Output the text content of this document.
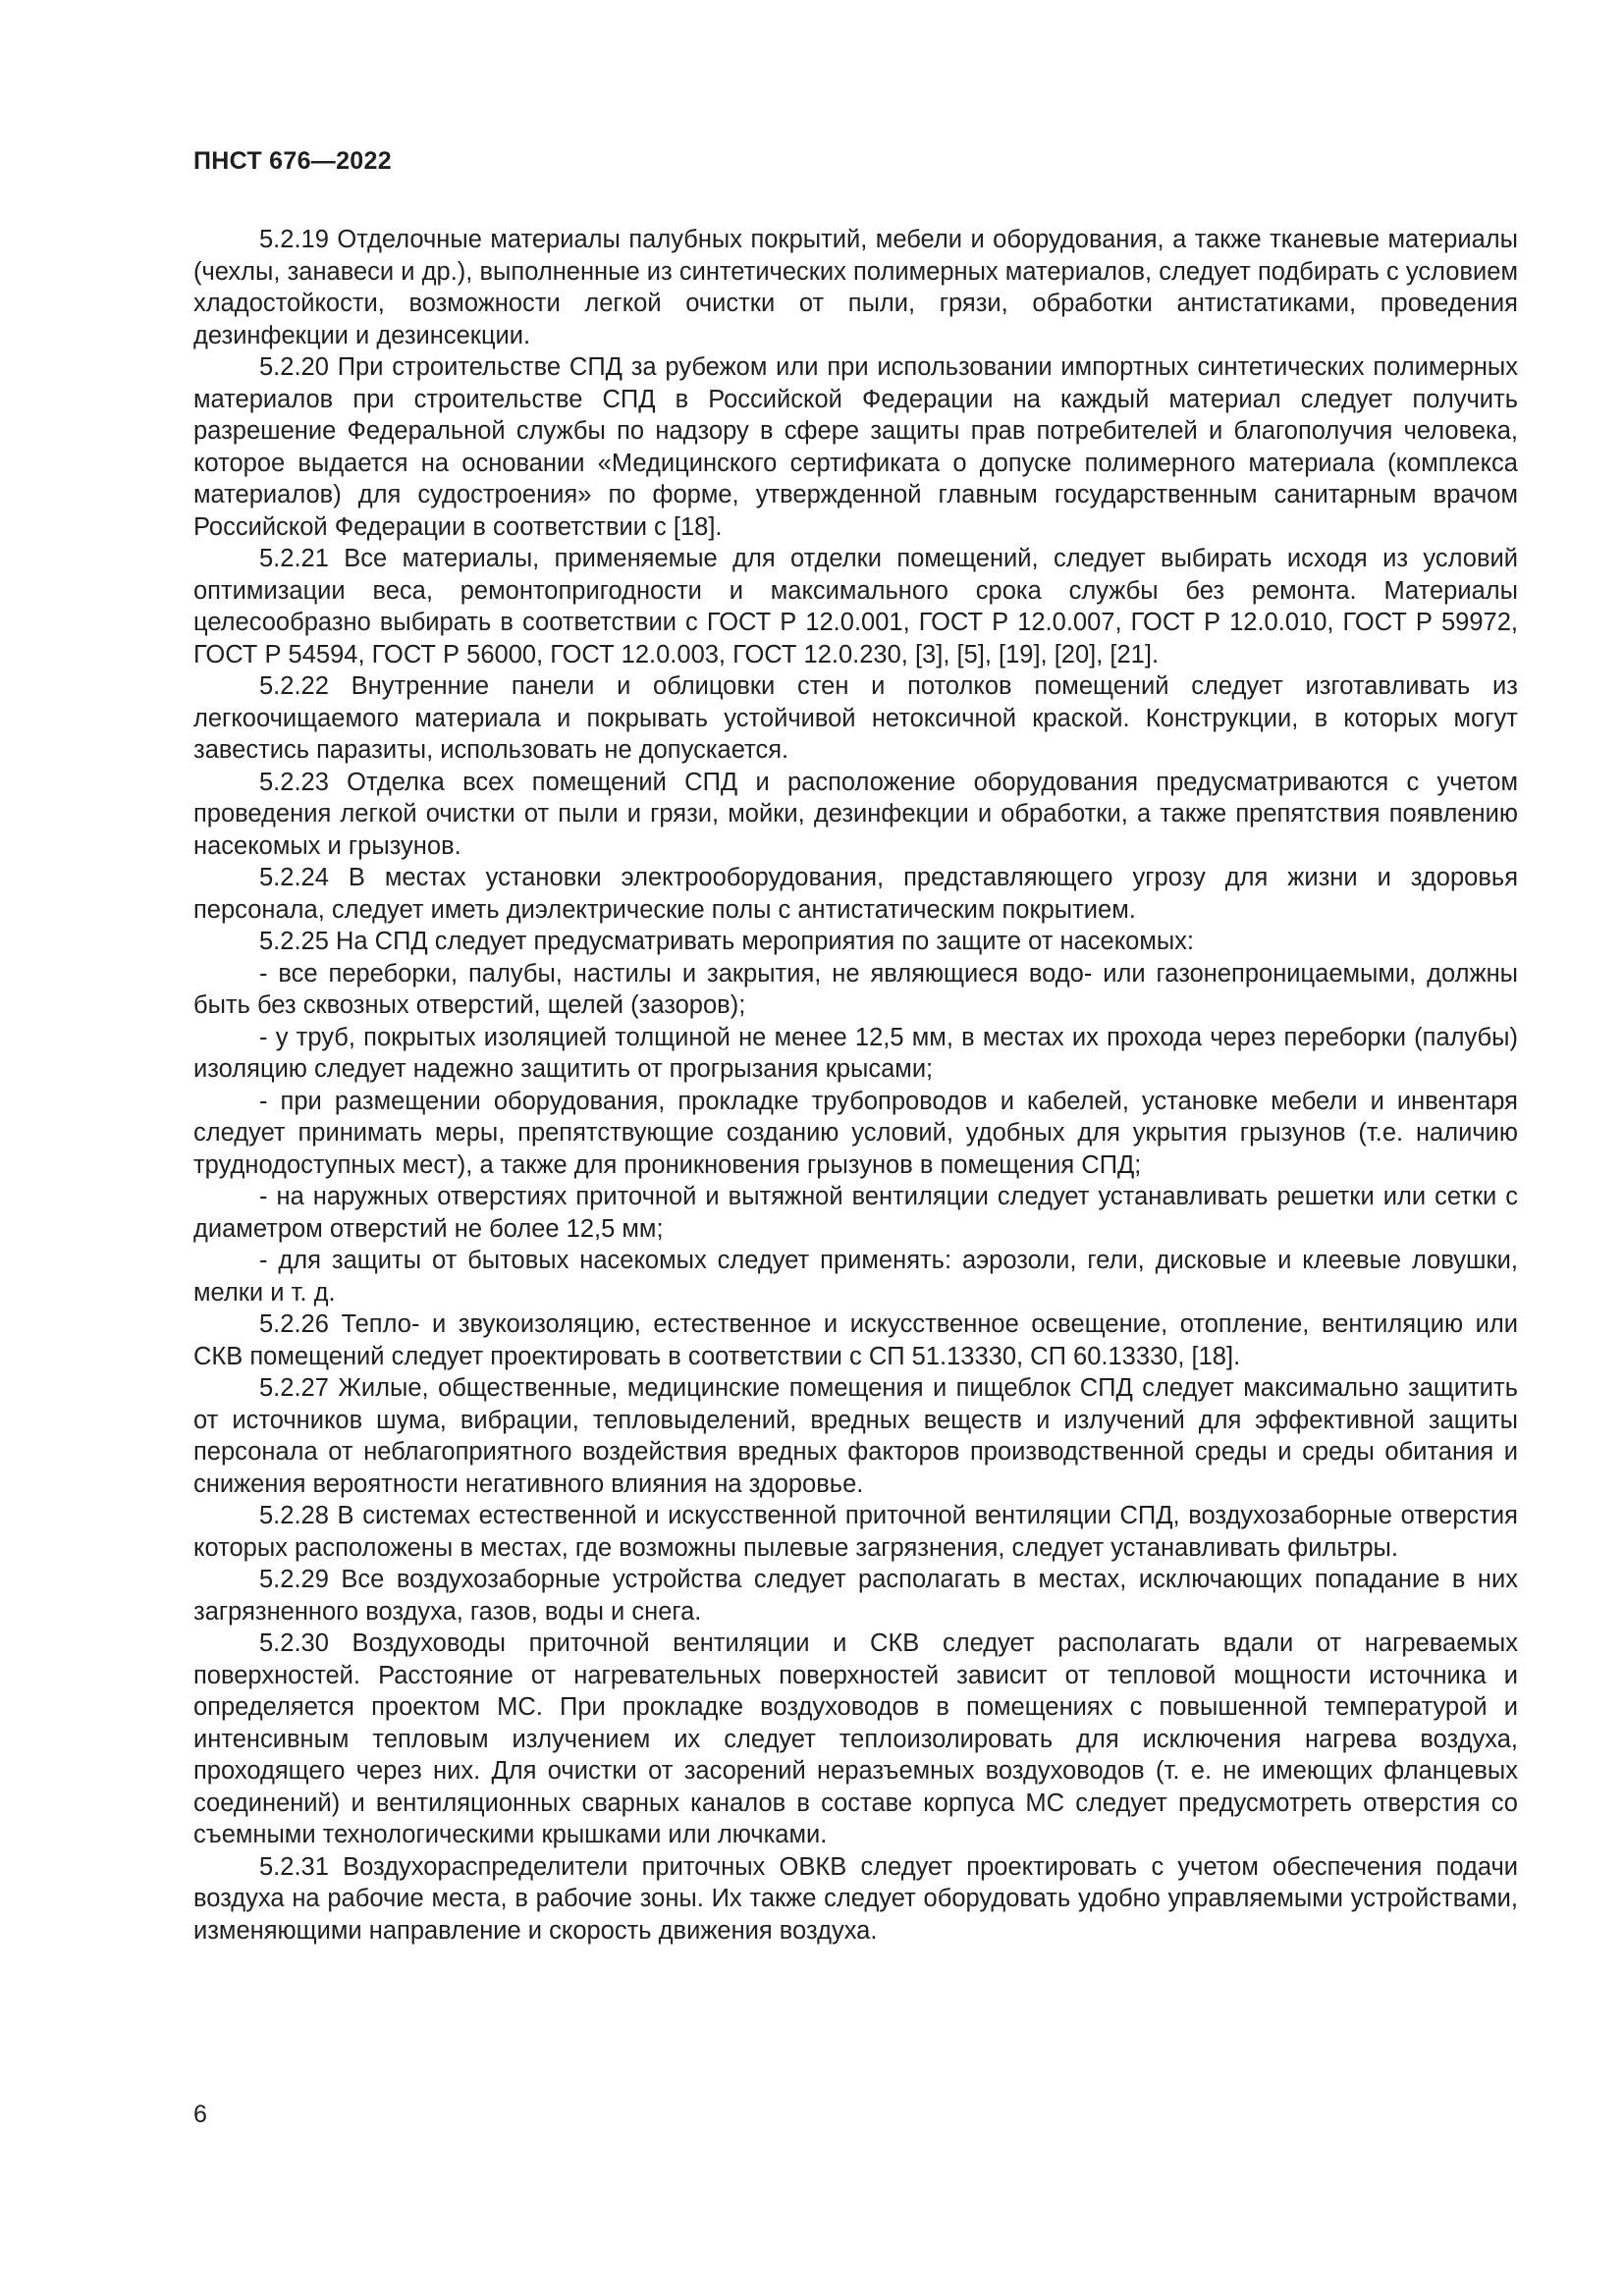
ПНСТ 676—2022

5.2.19 Отделочные материалы палубных покрытий, мебели и оборудования, а также тканевые материалы (чехлы, занавеси и др.), выполненные из синтетических полимерных материалов, следует подбирать с условием хладостойкости, возможности легкой очистки от пыли, грязи, обработки антистатиками, проведения дезинфекции и дезинсекции.

5.2.20 При строительстве СПД за рубежом или при использовании импортных синтетических полимерных материалов при строительстве СПД в Российской Федерации на каждый материал следует получить разрешение Федеральной службы по надзору в сфере защиты прав потребителей и благополучия человека, которое выдается на основании «Медицинского сертификата о допуске полимерного материала (комплекса материалов) для судостроения» по форме, утвержденной главным государственным санитарным врачом Российской Федерации в соответствии с [18].

5.2.21 Все материалы, применяемые для отделки помещений, следует выбирать исходя из условий оптимизации веса, ремонтопригодности и максимального срока службы без ремонта. Материалы целесообразно выбирать в соответствии с ГОСТ Р 12.0.001, ГОСТ Р 12.0.007, ГОСТ Р 12.0.010, ГОСТ Р 59972, ГОСТ Р 54594, ГОСТ Р 56000, ГОСТ 12.0.003, ГОСТ 12.0.230, [3], [5], [19], [20], [21].

5.2.22 Внутренние панели и облицовки стен и потолков помещений следует изготавливать из легкоочищаемого материала и покрывать устойчивой нетоксичной краской. Конструкции, в которых могут завестись паразиты, использовать не допускается.

5.2.23 Отделка всех помещений СПД и расположение оборудования предусматриваются с учетом проведения легкой очистки от пыли и грязи, мойки, дезинфекции и обработки, а также препятствия появлению насекомых и грызунов.

5.2.24 В местах установки электрооборудования, представляющего угрозу для жизни и здоровья персонала, следует иметь диэлектрические полы с антистатическим покрытием.

5.2.25 На СПД следует предусматривать мероприятия по защите от насекомых:

- все переборки, палубы, настилы и закрытия, не являющиеся водо- или газонепроницаемыми, должны быть без сквозных отверстий, щелей (зазоров);

- у труб, покрытых изоляцией толщиной не менее 12,5 мм, в местах их прохода через переборки (палубы) изоляцию следует надежно защитить от прогрызания крысами;

- при размещении оборудования, прокладке трубопроводов и кабелей, установке мебели и инвентаря следует принимать меры, препятствующие созданию условий, удобных для укрытия грызунов (т.е. наличию труднодоступных мест), а также для проникновения грызунов в помещения СПД;

- на наружных отверстиях приточной и вытяжной вентиляции следует устанавливать решетки или сетки с диаметром отверстий не более 12,5 мм;

- для защиты от бытовых насекомых следует применять: аэрозоли, гели, дисковые и клеевые ловушки, мелки и т. д.

5.2.26 Тепло- и звукоизоляцию, естественное и искусственное освещение, отопление, вентиляцию или СКВ помещений следует проектировать в соответствии с СП 51.13330, СП 60.13330, [18].

5.2.27 Жилые, общественные, медицинские помещения и пищеблок СПД следует максимально защитить от источников шума, вибрации, тепловыделений, вредных веществ и излучений для эффективной защиты персонала от неблагоприятного воздействия вредных факторов производственной среды и среды обитания и снижения вероятности негативного влияния на здоровье.

5.2.28 В системах естественной и искусственной приточной вентиляции СПД, воздухозаборные отверстия которых расположены в местах, где возможны пылевые загрязнения, следует устанавливать фильтры.

5.2.29 Все воздухозаборные устройства следует располагать в местах, исключающих попадание в них загрязненного воздуха, газов, воды и снега.

5.2.30 Воздуховоды приточной вентиляции и СКВ следует располагать вдали от нагреваемых поверхностей. Расстояние от нагревательных поверхностей зависит от тепловой мощности источника и определяется проектом МС. При прокладке воздуховодов в помещениях с повышенной температурой и интенсивным тепловым излучением их следует теплоизолировать для исключения нагрева воздуха, проходящего через них. Для очистки от засорений неразъемных воздуховодов (т. е. не имеющих фланцевых соединений) и вентиляционных сварных каналов в составе корпуса МС следует предусмотреть отверстия со съемными технологическими крышками или лючками.

5.2.31 Воздухораспределители приточных ОВКВ следует проектировать с учетом обеспечения подачи воздуха на рабочие места, в рабочие зоны. Их также следует оборудовать удобно управляемыми устройствами, изменяющими направление и скорость движения воздуха.

6
